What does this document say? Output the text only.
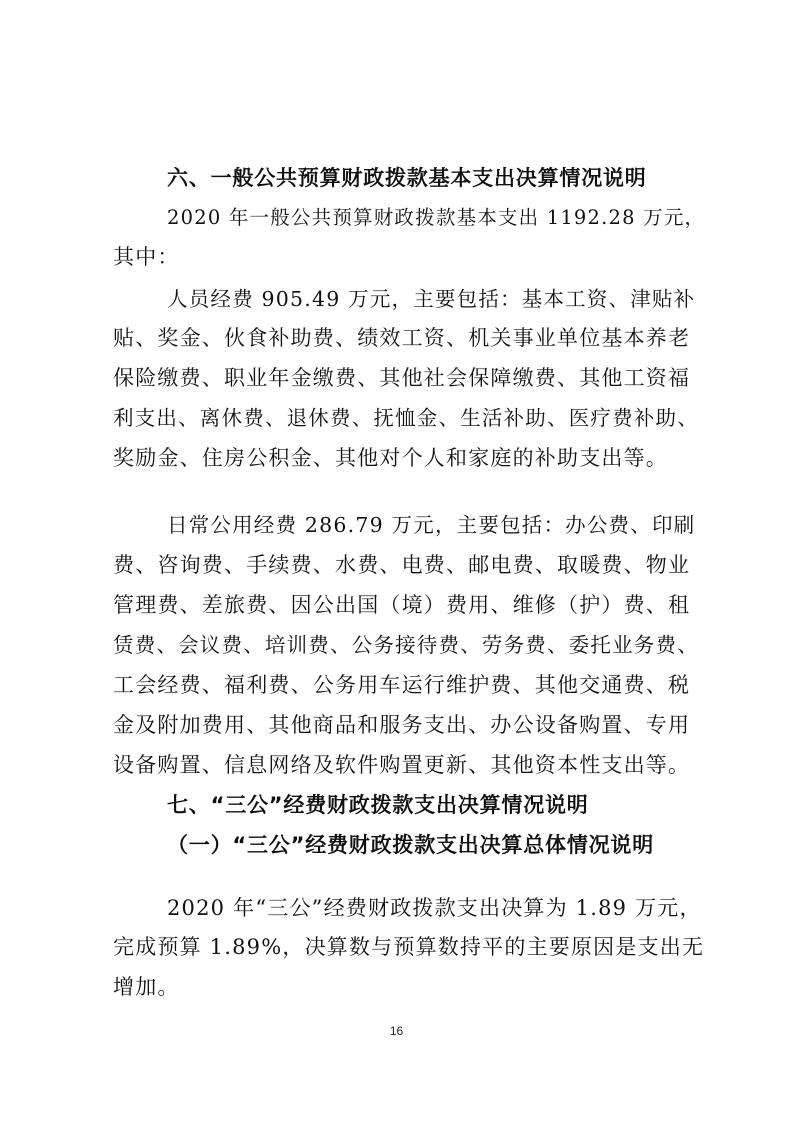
六、一般公共预算财政拨款基本支出决算情况说明
2020 年一般公共预算财政拨款基本支出 1192.28 万元，
其中：
人员经费 905.49 万元，主要包括：基本工资、津贴补
贴、奖金、伙食补助费、绩效工资、机关事业单位基本养老
保险缴费、职业年金缴费、其他社会保障缴费、其他工资福
利支出、离休费、退休费、抚恤金、生活补助、医疗费补助、
奖励金、住房公积金、其他对个人和家庭的补助支出等。
日常公用经费 286.79 万元，主要包括：办公费、印刷
费、咨询费、手续费、水费、电费、邮电费、取暖费、物业
管理费、差旅费、因公出国（境）费用、维修（护）费、租
赁费、会议费、培训费、公务接待费、劳务费、委托业务费、
工会经费、福利费、公务用车运行维护费、其他交通费、税
金及附加费用、其他商品和服务支出、办公设备购置、专用
设备购置、信息网络及软件购置更新、其他资本性支出等。
七、“三公”经费财政拨款支出决算情况说明
（一）“三公”经费财政拨款支出决算总体情况说明
2020 年“三公”经费财政拨款支出决算为 1.89 万元，
完成预算 1.89%，决算数与预算数持平的主要原因是支出无
增加。
16
